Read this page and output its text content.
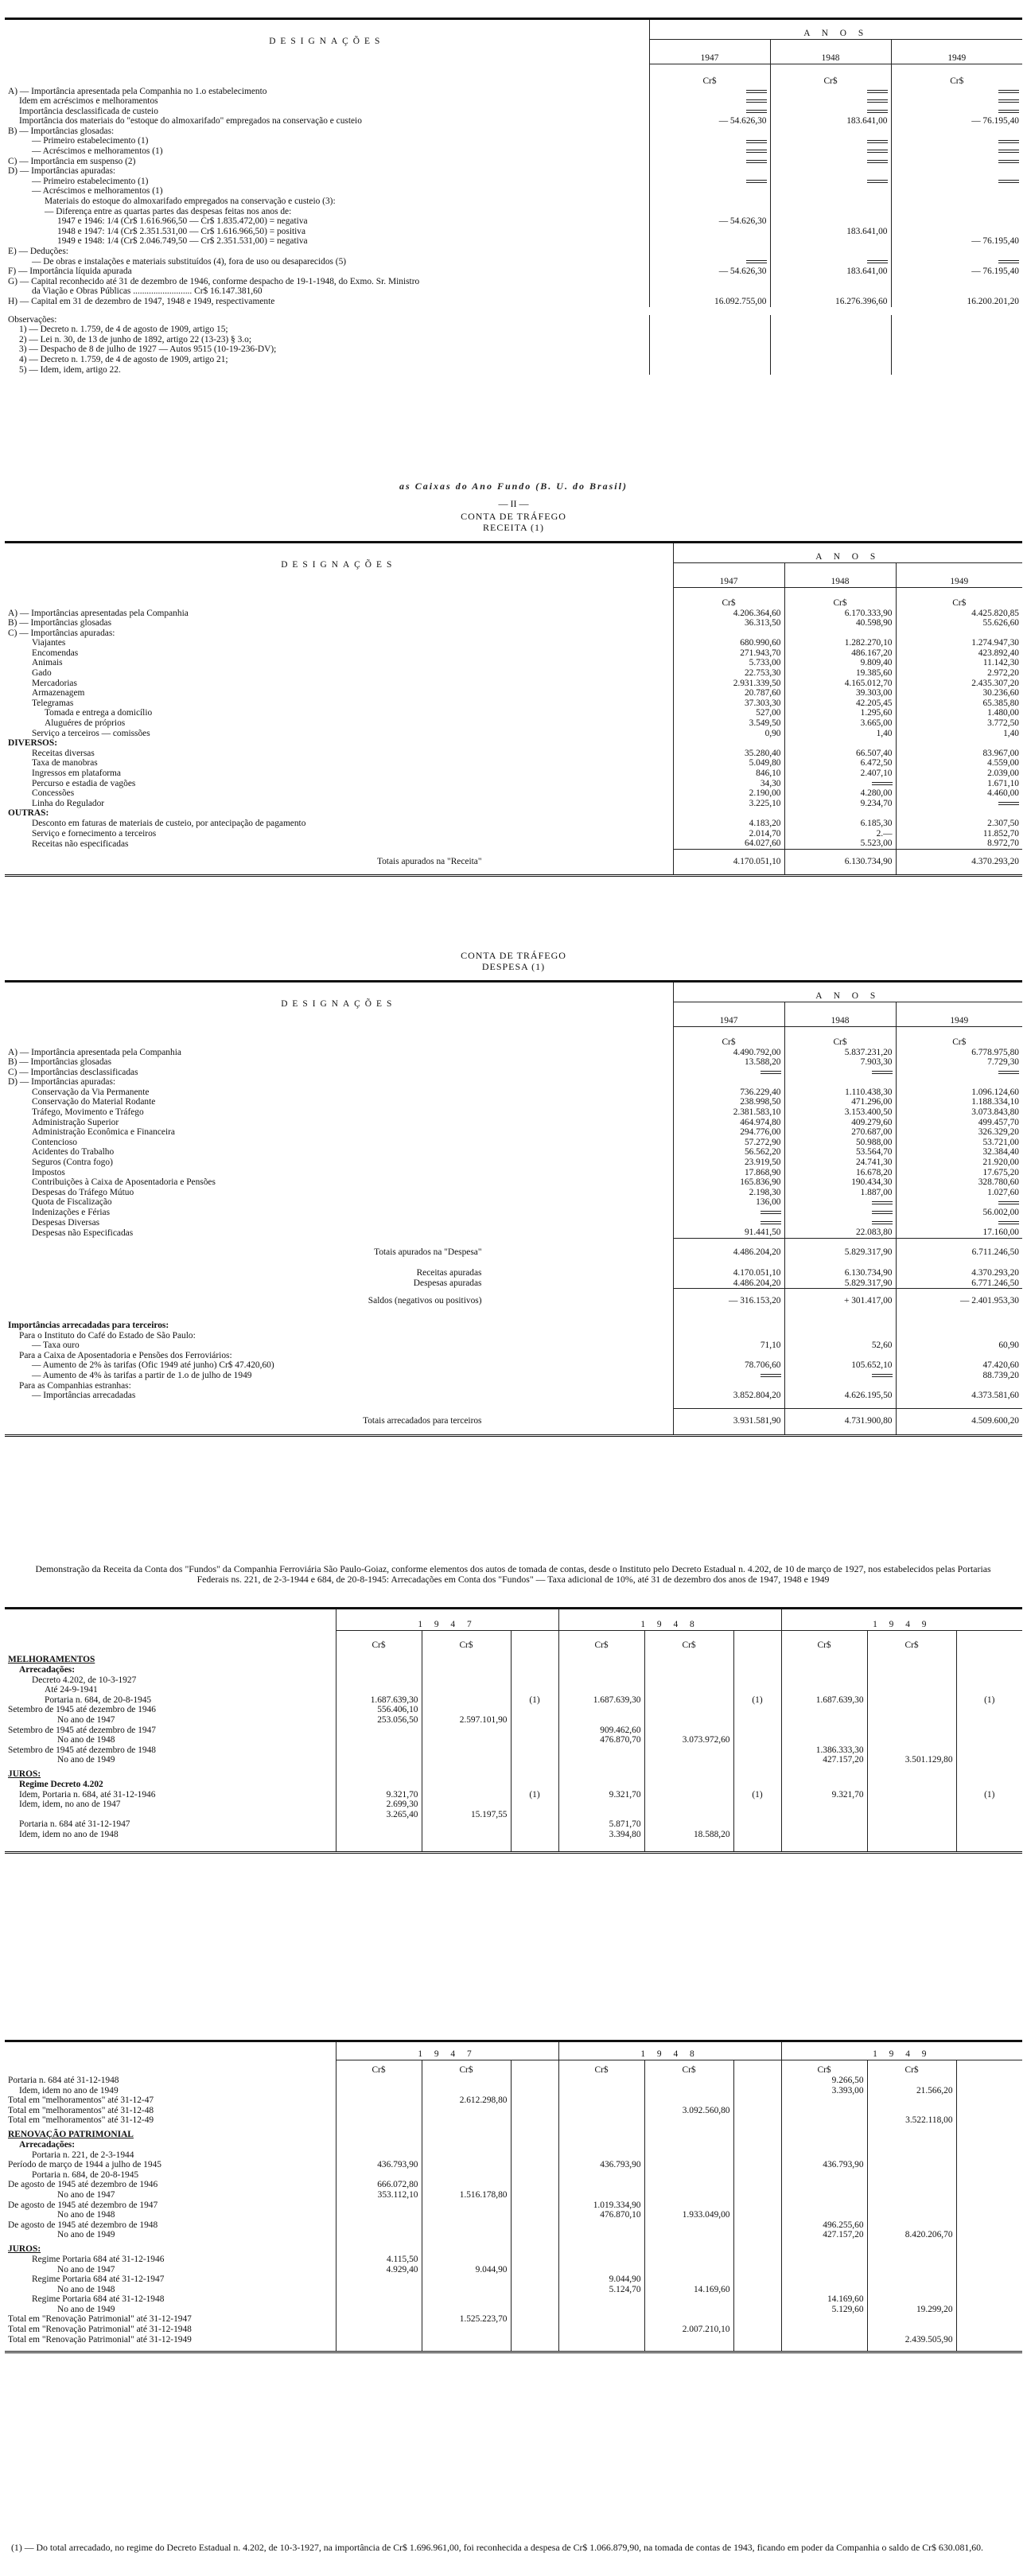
DESIGNAÇÕES	A N O S		
	1947	1948	1949
	Cr$	Cr$	Cr$
A) — Importância apresentada pela Companhia no 1.o estabelecimento			
Idem em acréscimos e melhoramentos			
Importância desclassificada de custeio			
Importância dos materiais do "estoque do almoxarifado" empregados na conservação e custeio	— 54.626,30	183.641,00	— 76.195,40
B) — Importâncias glosadas:			
— Primeiro estabelecimento (1)			
— Acréscimos e melhoramentos (1)			
C) — Importância em suspenso (2)			
D) — Importâncias apuradas:			
— Primeiro estabelecimento (1)			
— Acréscimos e melhoramentos (1)			
Materiais do estoque do almoxarifado empregados na conservação e custeio (3):			
— Diferença entre as quartas partes das despesas feitas nos anos de:			
1947 e 1946: 1/4 (Cr$ 1.616.966,50 — Cr$ 1.835.472,00) = negativa	— 54.626,30		
1948 e 1947: 1/4 (Cr$ 2.351.531,00 — Cr$ 1.616.966,50) = positiva		183.641,00	
1949 e 1948: 1/4 (Cr$ 2.046.749,50 — Cr$ 2.351.531,00) = negativa			— 76.195,40
E) — Deduções:			
— De obras e instalações e materiais substituídos (4), fora de uso ou desaparecidos (5)			
F) — Importância líquida apurada	— 54.626,30	183.641,00	— 76.195,40
G) — Capital reconhecido até 31 de dezembro de 1946, conforme despacho de 19-1-1948, do Exmo. Sr. Ministro			
da Viação e Obras Públicas .......................... Cr$ 16.147.381,60			
H) — Capital em 31 de dezembro de 1947, 1948 e 1949, respectivamente	16.092.755,00	16.276.396,60	16.200.201,20

Observações:			
1) — Decreto n. 1.759, de 4 de agosto de 1909, artigo 15;			
2) — Lei n. 30, de 13 de junho de 1892, artigo 22 (13-23) § 3.o;			
3) — Despacho de 8 de julho de 1927 — Autos 9515 (10-19-236-DV);			
4) — Decreto n. 1.759, de 4 de agosto de 1909, artigo 21;			
5) — Idem, idem, artigo 22.			
as Caixas do Ano Fundo (B. U. do Brasil)
— II —
CONTA DE TRÁFEGO
RECEITA (1)
DESIGNAÇÕES	A N O S		
	1947	1948	1949
	Cr$	Cr$	Cr$
A) — Importâncias apresentadas pela Companhia	4.206.364,60	6.170.333,90	4.425.820,85
B) — Importâncias glosadas	36.313,50	40.598,90	55.626,60
C) — Importâncias apuradas:			
Viajantes	680.990,60	1.282.270,10	1.274.947,30
Encomendas	271.943,70	486.167,20	423.892,40
Animais	5.733,00	9.809,40	11.142,30
Gado	22.753,30	19.385,60	2.972,20
Mercadorias	2.931.339,50	4.165.012,70	2.435.307,20
Armazenagem	20.787,60	39.303,00	30.236,60
Telegramas	37.303,30	42.205,45	65.385,80
Tomada e entrega a domicílio	527,00	1.295,60	1.480,00
Aluguéres de próprios	3.549,50	3.665,00	3.772,50
Serviço a terceiros — comissões	0,90	1,40	1,40
DIVERSOS:			
Receitas diversas	35.280,40	66.507,40	83.967,00
Taxa de manobras	5.049,80	6.472,50	4.559,00
Ingressos em plataforma	846,10	2.407,10	2.039,00
Percurso e estadia de vagões	34,30		1.671,10
Concessões	2.190,00	4.280,00	4.460,00
Linha do Regulador	3.225,10	9.234,70	
OUTRAS:			
Desconto em faturas de materiais de custeio, por antecipação de pagamento	4.183,20	6.185,30	2.307,50
Serviço e fornecimento a terceiros	2.014,70	2.—	11.852,70
Receitas não especificadas	64.027,60	5.523,00	8.972,70
Totais apurados na "Receita"	4.170.051,10	6.130.734,90	4.370.293,20

CONTA DE TRÁFEGO
DESPESA (1)
DESIGNAÇÕES	A N O S		
	1947	1948	1949
	Cr$	Cr$	Cr$
A) — Importância apresentada pela Companhia	4.490.792,00	5.837.231,20	6.778.975,80
B) — Importâncias glosadas	13.588,20	7.903,30	7.729,30
C) — Importâncias desclassificadas			
D) — Importâncias apuradas:			
Conservação da Via Permanente	736.229,40	1.110.438,30	1.096.124,60
Conservação do Material Rodante	238.998,50	471.296,00	1.188.334,10
Tráfego, Movimento e Tráfego	2.381.583,10	3.153.400,50	3.073.843,80
Administração Superior	464.974,80	409.279,60	499.457,70
Administração Econômica e Financeira	294.776,00	270.687,00	326.329,20
Contencioso	57.272,90	50.988,00	53.721,00
Acidentes do Trabalho	56.562,20	53.564,70	32.384,40
Seguros (Contra fogo)	23.919,50	24.741,30	21.920,00
Impostos	17.868,90	16.678,20	17.675,20
Contribuições à Caixa de Aposentadoria e Pensões	165.836,90	190.434,30	328.780,60
Despesas do Tráfego Mútuo	2.198,30	1.887,00	1.027,60
Quota de Fiscalização	136,00		
Indenizações e Férias			56.002,00
Despesas Diversas			
Despesas não Especificadas	91.441,50	22.083,80	17.160,00
Totais apurados na "Despesa"	4.486.204,20	5.829.317,90	6.711.246,50

Receitas apuradas	4.170.051,10	6.130.734,90	4.370.293,20
Despesas apuradas	4.486.204,20	5.829.317,90	6.771.246,50
Saldos (negativos ou positivos)	— 316.153,20	+ 301.417,00	— 2.401.953,30

Importâncias arrecadadas para terceiros:			
Para o Instituto do Café do Estado de São Paulo:			
— Taxa ouro	71,10	52,60	60,90
Para a Caixa de Aposentadoria e Pensões dos Ferroviários:			
— Aumento de 2% às tarifas (Ofic 1949 até junho) Cr$ 47.420,60)	78.706,60	105.652,10	47.420,60
— Aumento de 4% às tarifas a partir de 1.o de julho de 1949			88.739,20
Para as Companhias estranhas:			
— Importâncias arrecadadas	3.852.804,20	4.626.195,50	4.373.581,60

Totais arrecadados para terceiros	3.931.581,90	4.731.900,80	4.509.600,20

Demonstração da Receita da Conta dos "Fundos" da Companhia Ferroviária São Paulo-Goiaz, conforme elementos dos autos de tomada de contas, desde o Instituto pelo Decreto Estadual n. 4.202, de 10 de março de 1927, nos estabelecidos pelas Portarias Federais ns. 221, de 2-3-1944 e 684, de 20-8-1945: Arrecadações em Conta dos "Fundos" — Taxa adicional de 10%, até 31 de dezembro dos anos de 1947, 1948 e 1949
	1 9 4 7			1 9 4 8			1 9 4 9		
	Cr$	Cr$		Cr$	Cr$		Cr$	Cr$	
MELHORAMENTOS									
Arrecadações:									
Decreto 4.202, de 10-3-1927									
Até 24-9-1941									
Portaria n. 684, de 20-8-1945	1.687.639,30		(1)	1.687.639,30		(1)	1.687.639,30		(1)

Setembro de 1945 até dezembro de 1946	556.406,10								
No ano de 1947	253.056,50	2.597.101,90							

Setembro de 1945 até dezembro de 1947				909.462,60					
No ano de 1948				476.870,70	3.073.972,60				

Setembro de 1945 até dezembro de 1948							1.386.333,30		
No ano de 1949							427.157,20	3.501.129,80	
JUROS:									

Regime Decreto 4.202									
Idem, Portaria n. 684, até 31-12-1946	9.321,70		(1)	9.321,70		(1)	9.321,70		(1)
Idem, idem, no ano de 1947	2.699,30								
	3.265,40	15.197,55							
Portaria n. 684 até 31-12-1947				5.871,70					
Idem, idem no ano de 1948				3.394,80	18.588,20				

	1 9 4 7			1 9 4 8			1 9 4 9		
	Cr$	Cr$		Cr$	Cr$		Cr$	Cr$	
Portaria n. 684 até 31-12-1948							9.266,50		
Idem, idem no ano de 1949							3.393,00	21.566,20	
Total em "melhoramentos" até 31-12-47		2.612.298,80							

Total em "melhoramentos" até 31-12-48					3.092.560,80				

Total em "melhoramentos" até 31-12-49								3.522.118,00	
RENOVAÇÃO PATRIMONIAL									
Arrecadações:									
Portaria n. 221, de 2-3-1944									
Período de março de 1944 a julho de 1945	436.793,90			436.793,90			436.793,90		
Portaria n. 684, de 20-8-1945									
De agosto de 1945 até dezembro de 1946	666.072,80								
No ano de 1947	353.112,10	1.516.178,80							

De agosto de 1945 até dezembro de 1947				1.019.334,90					
No ano de 1948				476.870,10	1.933.049,00				

De agosto de 1945 até dezembro de 1948							496.255,60		
No ano de 1949							427.157,20	8.420.206,70	
JUROS:									
Regime Portaria 684 até 31-12-1946	4.115,50								
No ano de 1947	4.929,40	9.044,90							
Regime Portaria 684 até 31-12-1947				9.044,90					
No ano de 1948				5.124,70	14.169,60				
Regime Portaria 684 até 31-12-1948							14.169,60		
No ano de 1949							5.129,60	19.299,20	
Total em "Renovação Patrimonial" até 31-12-1947		1.525.223,70							

Total em "Renovação Patrimonial" até 31-12-1948					2.007.210,10				

Total em "Renovação Patrimonial" até 31-12-1949								2.439.505,90	

(1) — Do total arrecadado, no regime do Decreto Estadual n. 4.202, de 10-3-1927, na importância de Cr$ 1.696.961,00, foi reconhecida a despesa de Cr$ 1.066.879,90, na tomada de contas de 1943, ficando em poder da Companhia o saldo de Cr$ 630.081,60.
